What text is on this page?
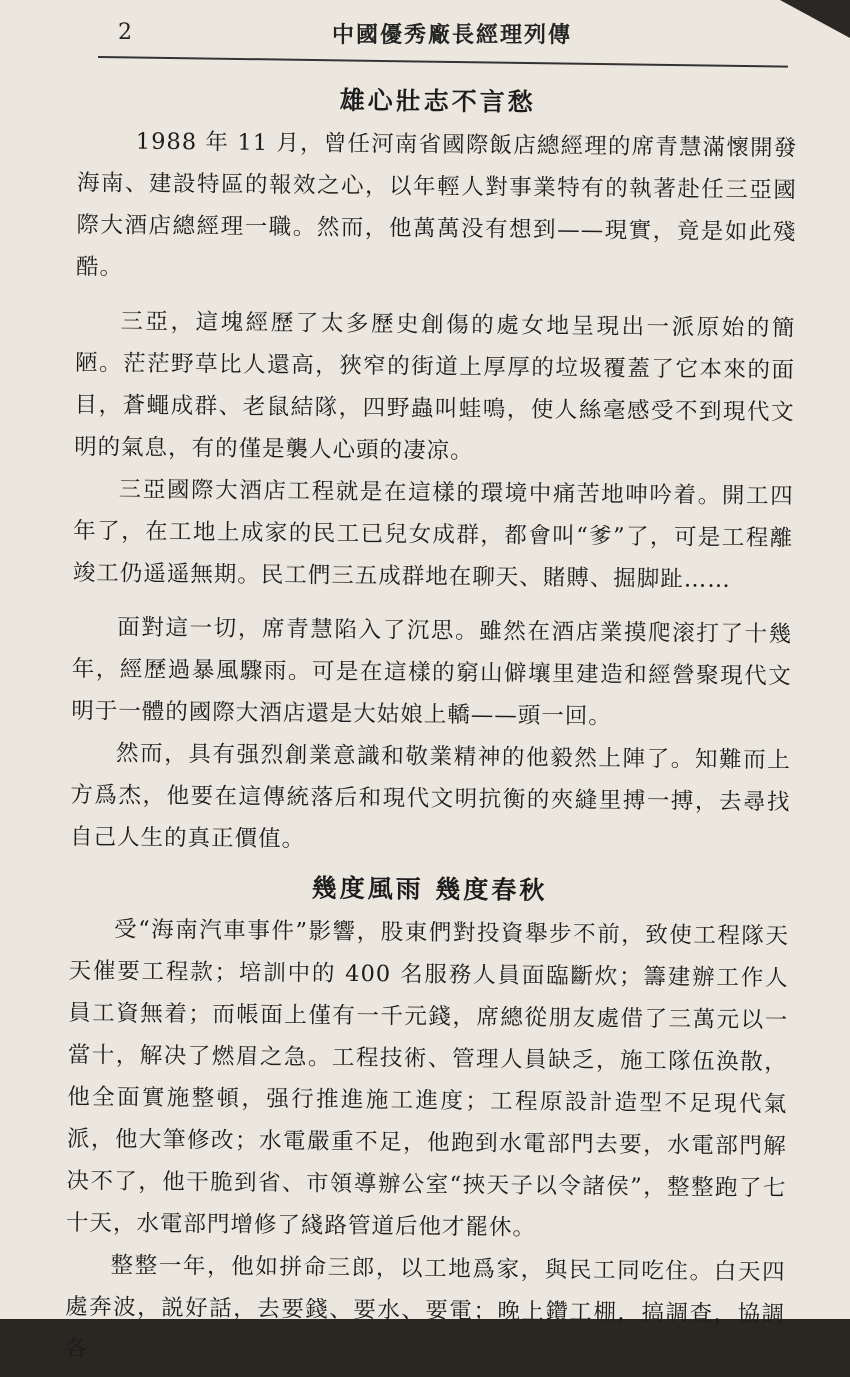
2	中國優秀廠長經理列傳
雄心壯志不言愁

1988 年 11 月，曾任河南省國際飯店總經理的席青慧滿懷開發海南、建設特區的報效之心，以年輕人對事業特有的執著赴任三亞國際大酒店總經理一職。然而，他萬萬没有想到——現實，竟是如此殘酷。

三亞，這塊經歷了太多歷史創傷的處女地呈現出一派原始的簡陋。茫茫野草比人還高，狹窄的街道上厚厚的垃圾覆蓋了它本來的面目，蒼蠅成群、老鼠結隊，四野蟲叫蛙鳴，使人絲毫感受不到現代文明的氣息，有的僅是襲人心頭的凄凉。

三亞國際大酒店工程就是在這樣的環境中痛苦地呻吟着。開工四年了，在工地上成家的民工已兒女成群，都會叫“爹”了，可是工程離竣工仍遥遥無期。民工們三五成群地在聊天、賭賻、掘脚趾……

面對這一切，席青慧陷入了沉思。雖然在酒店業摸爬滚打了十幾年，經歷過暴風驟雨。可是在這樣的窮山僻壤里建造和經營聚現代文明于一體的國際大酒店還是大姑娘上轎——頭一回。

然而，具有强烈創業意識和敬業精神的他毅然上陣了。知難而上方爲杰，他要在這傳統落后和現代文明抗衡的夾縫里搏一搏，去尋找自己人生的真正價值。

幾度風雨 幾度春秋

受“海南汽車事件”影響，股東們對投資舉步不前，致使工程隊天天催要工程款；培訓中的 400 名服務人員面臨斷炊；籌建辦工作人員工資無着；而帳面上僅有一千元錢，席總從朋友處借了三萬元以一當十，解决了燃眉之急。工程技術、管理人員缺乏，施工隊伍涣散，他全面實施整頓，强行推進施工進度；工程原設計造型不足現代氣派，他大筆修改；水電嚴重不足，他跑到水電部門去要，水電部門解决不了，他干脆到省、市領導辦公室“挾天子以令諸侯”，整整跑了七十天，水電部門增修了綫路管道后他才罷休。

整整一年，他如拼命三郎，以工地爲家，與民工同吃住。白天四處奔波，説好話，去要錢、要水、要電；晚上鑽工棚，搞調查，協調各
